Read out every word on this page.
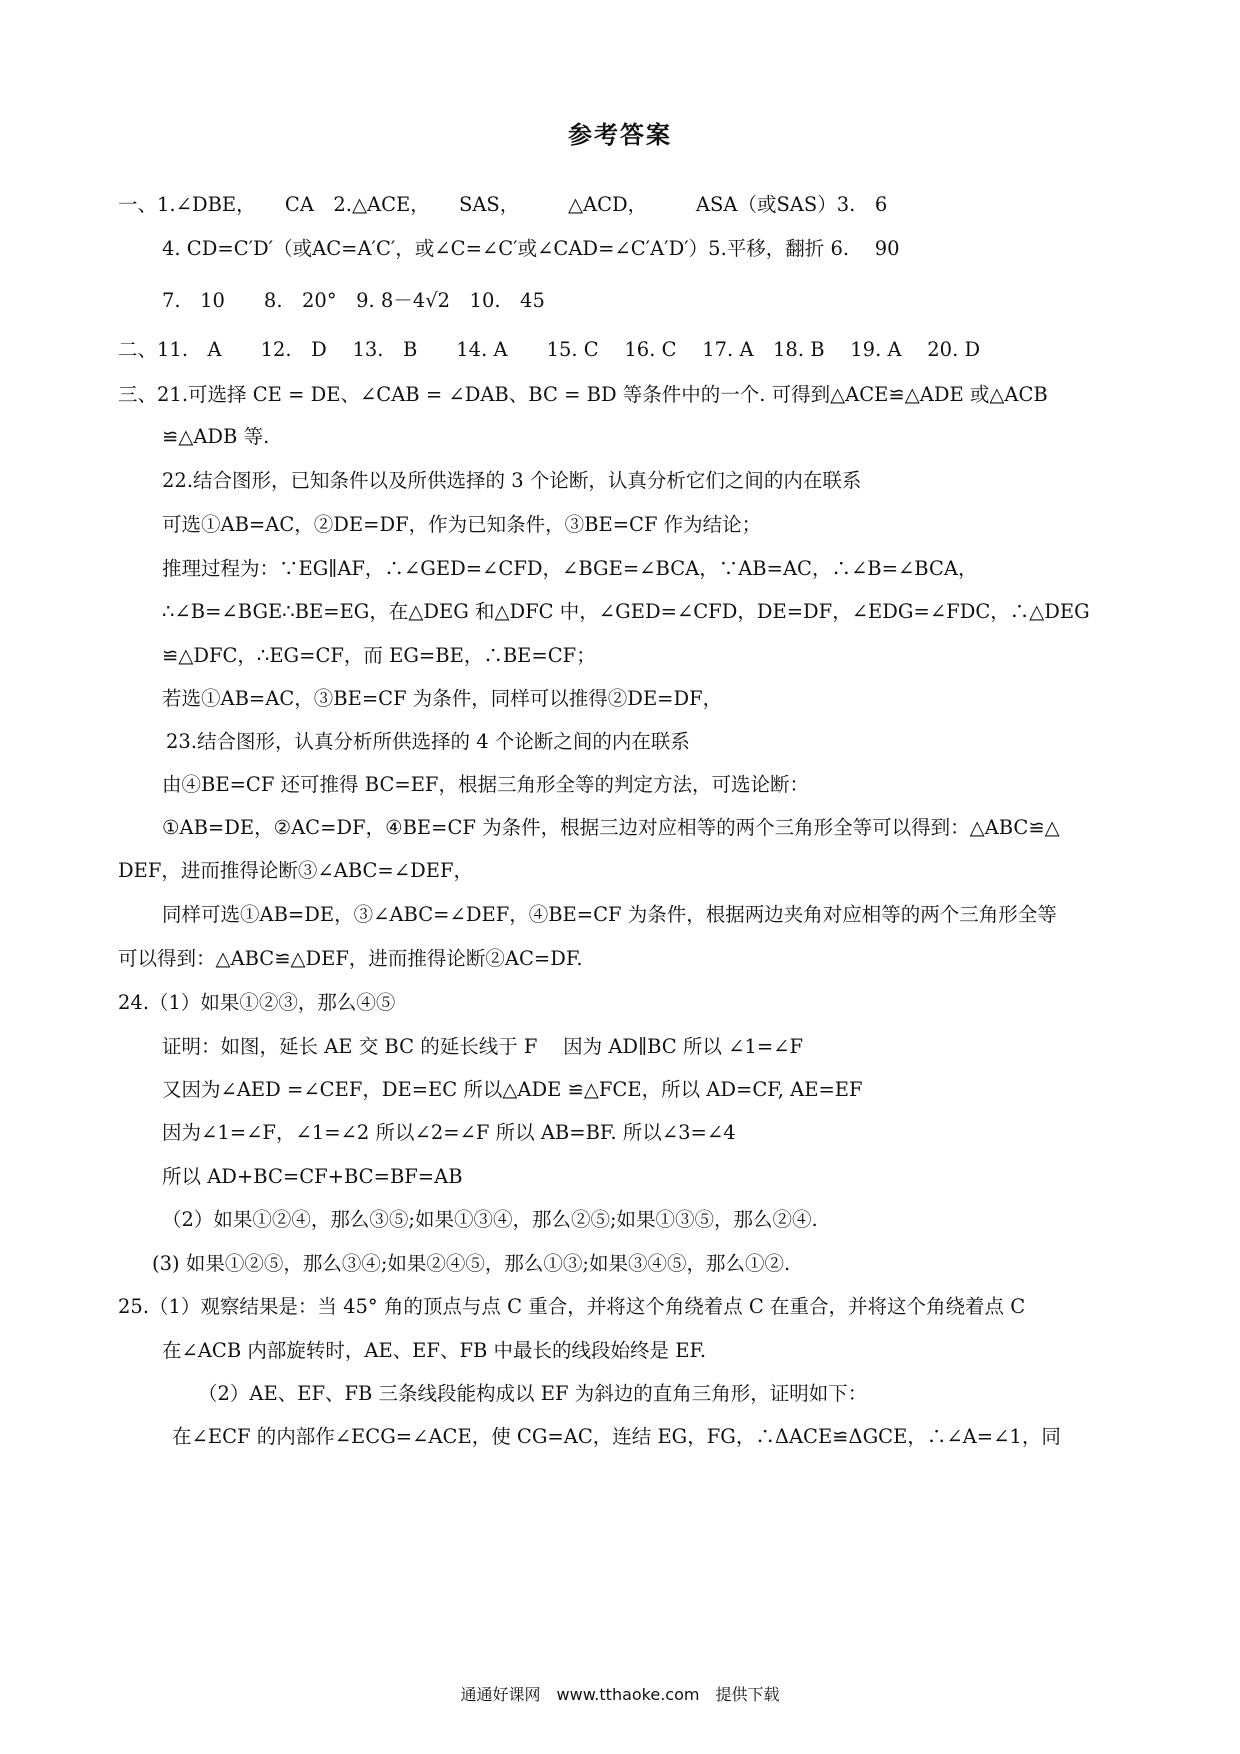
参考答案
一、1.∠DBE，　　CA　2.△ACE，　　SAS，　　　△ACD，　　　ASA（或SAS）3.　6
4. CD=C′D′（或AC=A′C′，或∠C=∠C′或∠CAD=∠C′A′D′）5.平移，翻折 6.　 90
7.　10　　8.　20°　9. 8－4√2　10.　45
二、11.　A　　12.　D　 13.　B　　14. A　　15. C　 16. C　 17. A　18. B　 19. A　 20. D
三、21.可选择 CE = DE、∠CAB = ∠DAB、BC = BD 等条件中的一个. 可得到△ACE≌△ADE 或△ACB
≌△ADB 等.
22.结合图形，已知条件以及所供选择的 3 个论断，认真分析它们之间的内在联系
可选①AB=AC，②DE=DF，作为已知条件，③BE=CF 作为结论；
推理过程为：∵EG∥AF，∴∠GED=∠CFD，∠BGE=∠BCA，∵AB=AC，∴∠B=∠BCA，
∴∠B=∠BGE∴BE=EG，在△DEG 和△DFC 中，∠GED=∠CFD，DE=DF，∠EDG=∠FDC，∴△DEG
≌△DFC，∴EG=CF，而 EG=BE，∴BE=CF；
若选①AB=AC，③BE=CF 为条件，同样可以推得②DE=DF，
23.结合图形，认真分析所供选择的 4 个论断之间的内在联系
由④BE=CF 还可推得 BC=EF，根据三角形全等的判定方法，可选论断：
①AB=DE，②AC=DF，④BE=CF 为条件，根据三边对应相等的两个三角形全等可以得到：△ABC≌△
DEF，进而推得论断③∠ABC=∠DEF，
同样可选①AB=DE，③∠ABC=∠DEF，④BE=CF 为条件，根据两边夹角对应相等的两个三角形全等
可以得到：△ABC≌△DEF，进而推得论断②AC=DF.
24.（1）如果①②③，那么④⑤
证明：如图，延长 AE 交 BC 的延长线于 F　 因为 AD∥BC 所以 ∠1=∠F
又因为∠AED =∠CEF，DE=EC 所以△ADE ≌△FCE，所以 AD=CF, AE=EF
因为∠1=∠F，∠1=∠2 所以∠2=∠F 所以 AB=BF. 所以∠3=∠4
所以 AD+BC=CF+BC=BF=AB
（2）如果①②④，那么③⑤;如果①③④，那么②⑤;如果①③⑤，那么②④.
(3) 如果①②⑤，那么③④;如果②④⑤，那么①③;如果③④⑤，那么①②.
25.（1）观察结果是：当 45° 角的顶点与点 C 重合，并将这个角绕着点 C 在重合，并将这个角绕着点 C
在∠ACB 内部旋转时，AE、EF、FB 中最长的线段始终是 EF.
（2）AE、EF、FB 三条线段能构成以 EF 为斜边的直角三角形，证明如下：
在∠ECF 的内部作∠ECG=∠ACE，使 CG=AC，连结 EG，FG，∴ΔACE≌ΔGCE，∴∠A=∠1，同
通通好课网　www.tthaoke.com　提供下载
